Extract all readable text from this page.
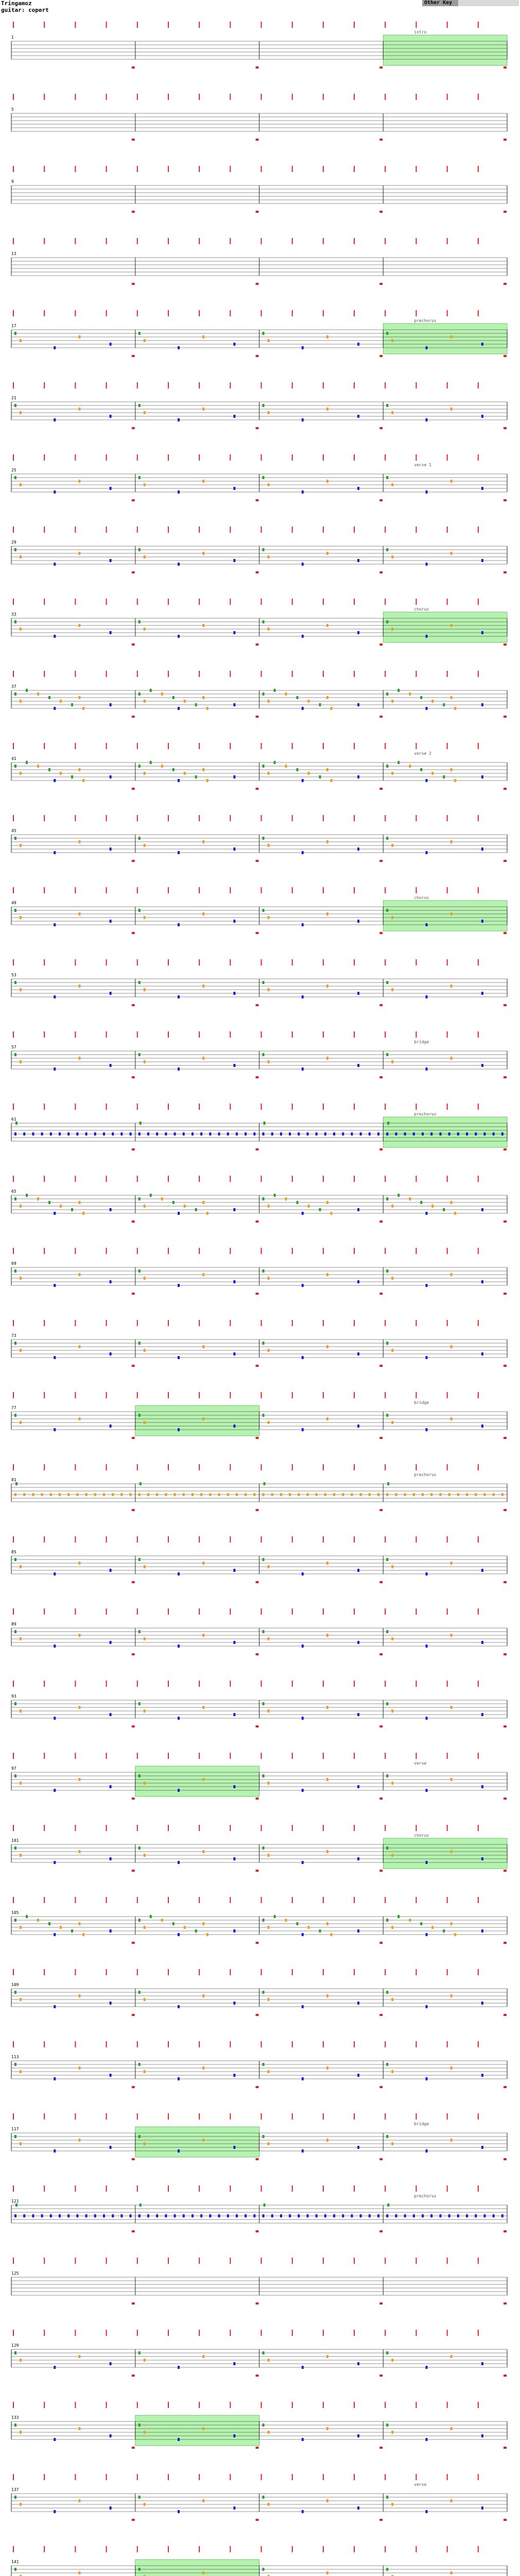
Tringamoz
guitar: copert
Other Key
1
intro
5
9
13
17
prechorus
21
25
verse 1
29
33
chorus
37
41
verse 2
45
49
chorus
53
57
bridge
61
prechorus
65
69
73
77
bridge
81
prechorus
85
89
93
97
verse
101
chorus
105
109
113
117
bridge
121
prechorus
125
129
133
137
verse
141
